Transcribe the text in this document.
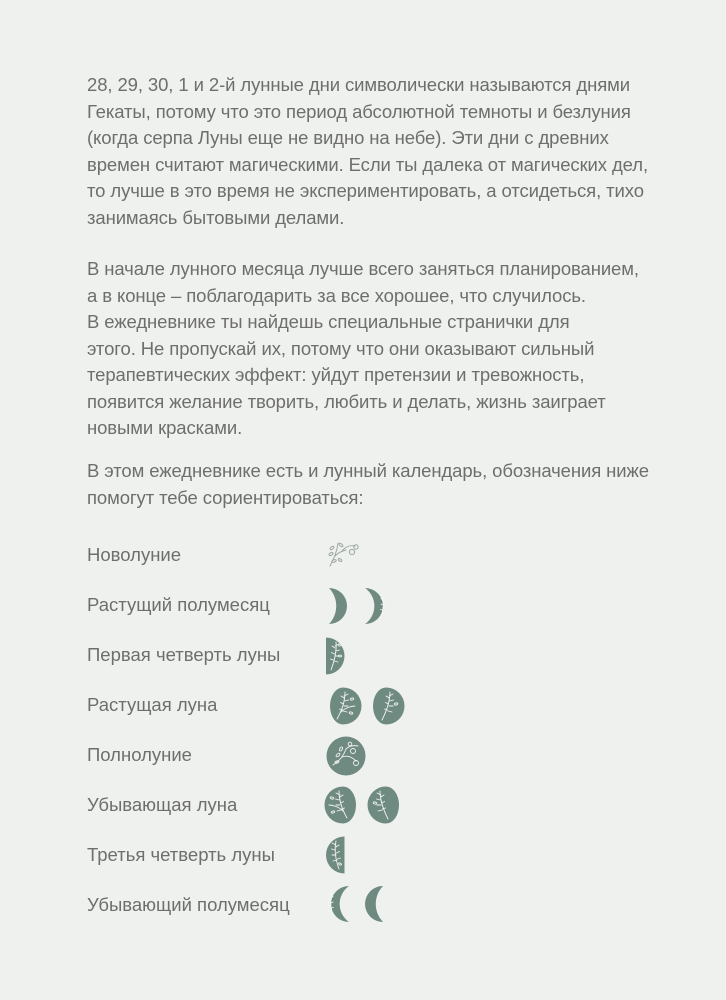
28, 29, 30, 1 и 2-й лунные дни символически называются днями
Гекаты, потому что это период абсолютной темноты и безлуния
(когда серпа Луны еще не видно на небе). Эти дни с древних
времен считают магическими. Если ты далека от магических дел,
то лучше в это время не экспериментировать, а отсидеться, тихо
занимаясь бытовыми делами.

В начале лунного месяца лучше всего заняться планированием,
а в конце – поблагодарить за все хорошее, что случилось.
В ежедневнике ты найдешь специальные странички для
этого. Не пропускай их, потому что они оказывают сильный
терапевтических эффект: уйдут претензии и тревожность,
появится желание творить, любить и делать, жизнь заиграет
новыми красками.

В этом ежедневнике есть и лунный календарь, обозначения ниже
помогут тебе сориентироваться:

Новолуние
Растущий полумесяц
Первая четверть луны
Растущая луна
Полнолуние
Убывающая луна
Третья четверть луны
Убывающий полумесяц
